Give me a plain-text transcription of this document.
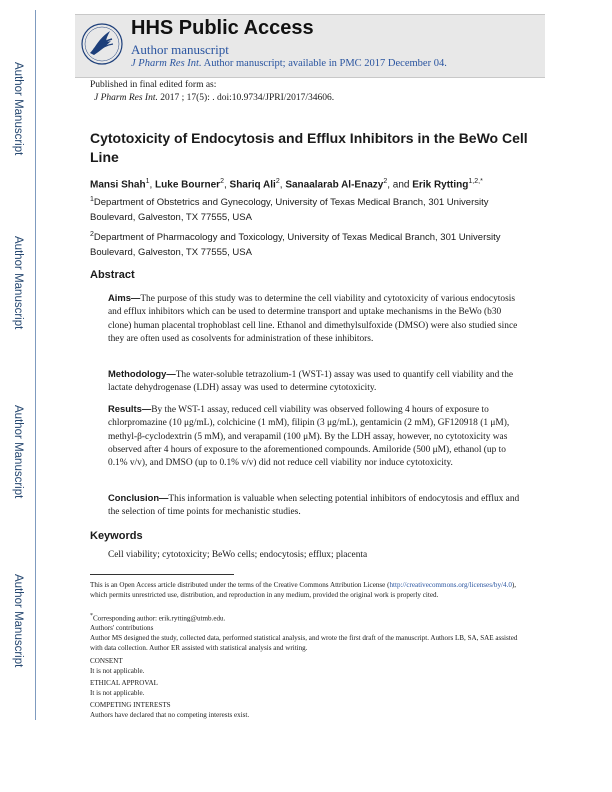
Author Manuscript
Author Manuscript
Author Manuscript
Author Manuscript
HHS Public Access
Author manuscript
J Pharm Res Int. Author manuscript; available in PMC 2017 December 04.
Published in final edited form as:
J Pharm Res Int. 2017 ; 17(5): . doi:10.9734/JPRI/2017/34606.
Cytotoxicity of Endocytosis and Efflux Inhibitors in the BeWo Cell Line
Mansi Shah$^1$, Luke Bourner$^2$, Shariq Ali$^2$, Sanaalarab Al-Enazy$^2$, and Erik Rytting$^{1,2,*}$
$^1$Department of Obstetrics and Gynecology, University of Texas Medical Branch, 301 University Boulevard, Galveston, TX 77555, USA
$^2$Department of Pharmacology and Toxicology, University of Texas Medical Branch, 301 University Boulevard, Galveston, TX 77555, USA
Abstract
Aims—The purpose of this study was to determine the cell viability and cytotoxicity of various endocytosis and efflux inhibitors which can be used to determine transport and uptake mechanisms in the BeWo (b30 clone) human placental trophoblast cell line. Ethanol and dimethylsulfoxide (DMSO) were also studied since they are often used as cosolvents for administration of these inhibitors.
Methodology—The water-soluble tetrazolium-1 (WST-1) assay was used to quantify cell viability and the lactate dehydrogenase (LDH) assay was used to determine cytotoxicity.
Results—By the WST-1 assay, reduced cell viability was observed following 4 hours of exposure to chlorpromazine (10 μg/mL), colchicine (1 mM), filipin (3 μg/mL), gentamicin (2 mM), GF120918 (1 μM), methyl-β-cyclodextrin (5 mM), and verapamil (100 μM). By the LDH assay, however, no cytotoxicity was observed after 4 hours of exposure to the aforementioned compounds. Amiloride (500 μM), ethanol (up to 0.1% v/v), and DMSO (up to 0.1% v/v) did not reduce cell viability nor induce cytotoxicity.
Conclusion—This information is valuable when selecting potential inhibitors of endocytosis and efflux and the selection of time points for mechanistic studies.
Keywords
Cell viability; cytotoxicity; BeWo cells; endocytosis; efflux; placenta
This is an Open Access article distributed under the terms of the Creative Commons Attribution License (http://creativecommons.org/licenses/by/4.0), which permits unrestricted use, distribution, and reproduction in any medium, provided the original work is properly cited.
*Corresponding author: erik.rytting@utmb.edu.
Authors' contributions
Author MS designed the study, collected data, performed statistical analysis, and wrote the first draft of the manuscript. Authors LB, SA, SAE assisted with data collection. Author ER assisted with statistical analysis and writing.
CONSENT
It is not applicable.
ETHICAL APPROVAL
It is not applicable.
COMPETING INTERESTS
Authors have declared that no competing interests exist.
